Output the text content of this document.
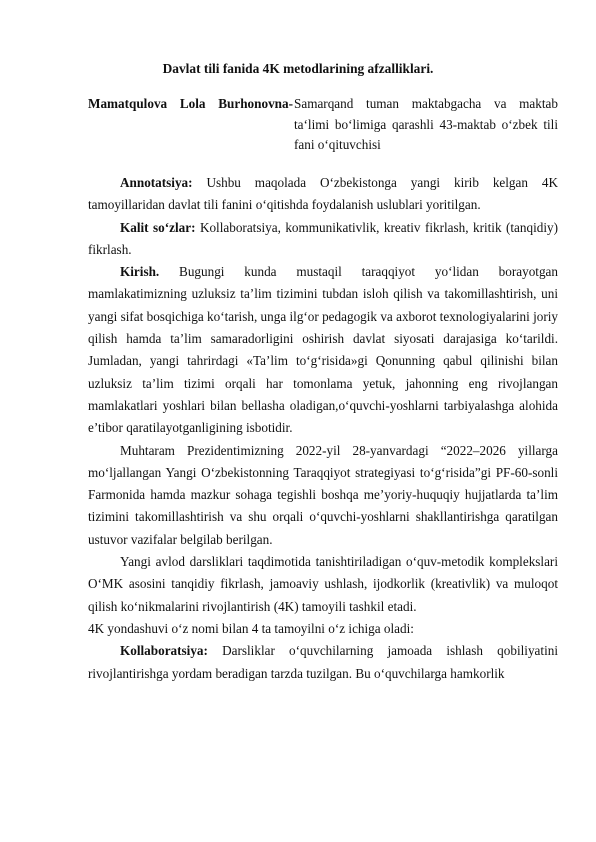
Davlat tili fanida 4K metodlarining afzalliklari.
Mamatqulova Lola Burhonovna- Samarqand tuman maktabgacha va maktab ta‘limi bo‘limiga qarashli 43-maktab o‘zbek tili fani o‘qituvchisi

Annotatsiya: Ushbu maqolada O‘zbekistonga yangi kirib kelgan 4K tamoyillaridan davlat tili fanini o‘qitishda foydalanish uslublari yoritilgan.

Kalit so‘zlar: Kollaboratsiya, kommunikativlik, kreativ fikrlash, kritik (tanqidiy) fikrlash.

Kirish. Bugungi kunda mustaqil taraqqiyot yo‘lidan borayotgan mamlakatimizning uzluksiz ta’lim tizimini tubdan isloh qilish va takomillashtirish, uni yangi sifat bosqichiga ko‘tarish, unga ilg‘or pedagogik va axborot texnologiyalarini joriy qilish hamda ta’lim samaradorligini oshirish davlat siyosati darajasiga ko‘tarildi. Jumladan, yangi tahrirdagi «Ta’lim to‘g‘risida»gi Qonunning qabul qilinishi bilan uzluksiz ta’lim tizimi orqali har tomonlama yetuk, jahonning eng rivojlangan mamlakatlari yoshlari bilan bellasha oladigan,o‘quvchi-yoshlarni tarbiyalashga alohida e’tibor qaratilayotganligining isbotidir.

Muhtaram Prezidentimizning 2022-yil 28-yanvardagi “2022–2026 yillarga mo‘ljallangan Yangi O‘zbekistonning Taraqqiyot strategiyasi to‘g‘risida”gi PF-60-sonli Farmonida hamda mazkur sohaga tegishli boshqa me’yoriy-huquqiy hujjatlarda ta’lim tizimini takomillashtirish va shu orqali o‘quvchi-yoshlarni shakllantirishga qaratilgan ustuvor vazifalar belgilab berilgan.

Yangi avlod darsliklari taqdimotida tanishtiriladigan o‘quv-metodik komplekslari O‘MK asosini tanqidiy fikrlash, jamoaviy ushlash, ijodkorlik (kreativlik) va muloqot qilish ko‘nikmalarini rivojlantirish (4K) tamoyili tashkil etadi.

4K yondashuvi o‘z nomi bilan 4 ta tamoyilni o‘z ichiga oladi:

Kollaboratsiya: Darsliklar o‘quvchilarning jamoada ishlash qobiliyatini rivojlantirishga yordam beradigan tarzda tuzilgan. Bu o‘quvchilarga hamkorlik
